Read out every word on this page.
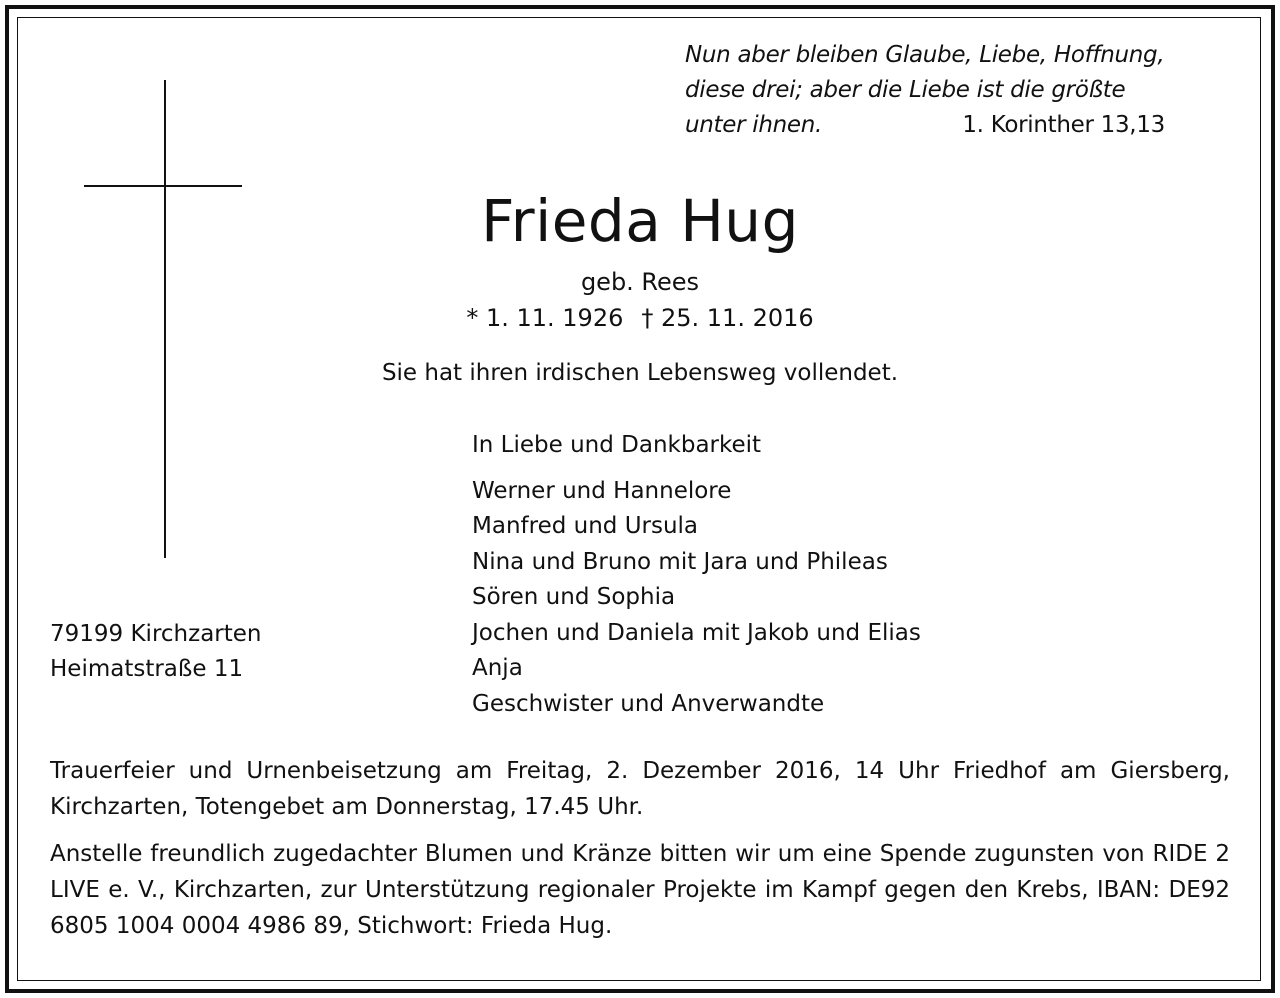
Nun aber bleiben Glaube, Liebe, Hoffnung,
diese drei; aber die Liebe ist die größte
unter ihnen.	1. Korinther 13,13
Frieda Hug
geb. Rees
* 1. 11. 1926 † 25. 11. 2016
Sie hat ihren irdischen Lebensweg vollendet.
In Liebe und Dankbarkeit
Werner und Hannelore
Manfred und Ursula
Nina und Bruno mit Jara und Phileas
Sören und Sophia
Jochen und Daniela mit Jakob und Elias
Anja
Geschwister und Anverwandte
79199 Kirchzarten
Heimatstraße 11
Trauerfeier und Urnenbeisetzung am Freitag, 2. Dezember 2016, 14 Uhr Friedhof am Giersberg, Kirchzarten, Totengebet am Donnerstag, 17.45 Uhr.
Anstelle freundlich zugedachter Blumen und Kränze bitten wir um eine Spende zugunsten von RIDE 2 LIVE e. V., Kirchzarten, zur Unterstützung regionaler Projekte im Kampf gegen den Krebs, IBAN: DE92 6805 1004 0004 4986 89, Stichwort: Frieda Hug.
